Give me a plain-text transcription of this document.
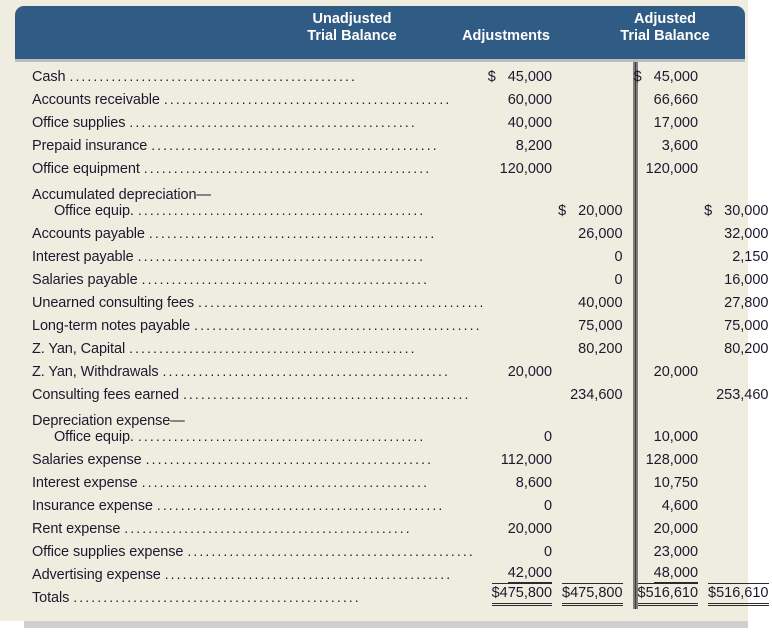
Unadjusted
Trial Balance	Adjustments
Adjusted
Trial Balance
Cash ................................................	$ 45,000						$ 45,000	

Accounts receivable ................................................	60,000						66,660	

Office supplies ................................................	40,000						17,000	

Prepaid insurance ................................................	8,200						3,600	

Office equipment ................................................	120,000						120,000	

Accumulated depreciation—
Office equip. ................................................		$ 20,000						$ 30,000

Accounts payable ................................................		26,000						32,000

Interest payable ................................................		0						2,150

Salaries payable ................................................		0						16,000

Unearned consulting fees ................................................		40,000						27,800

Long-term notes payable ................................................		75,000						75,000

Z. Yan, Capital ................................................		80,200						80,200

Z. Yan, Withdrawals ................................................	20,000						20,000	

Consulting fees earned ................................................		234,600						253,460

Depreciation expense—
Office equip. ................................................	0						10,000	

Salaries expense ................................................	112,000						128,000	

Interest expense ................................................	8,600						10,750	

Insurance expense ................................................	0						4,600	

Rent expense ................................................	20,000						20,000	

Office supplies expense ................................................	0						23,000	

Advertising expense ................................................	42,000						48,000	

Totals ................................................	$475,800	$475,800					$516,610	$516,610
